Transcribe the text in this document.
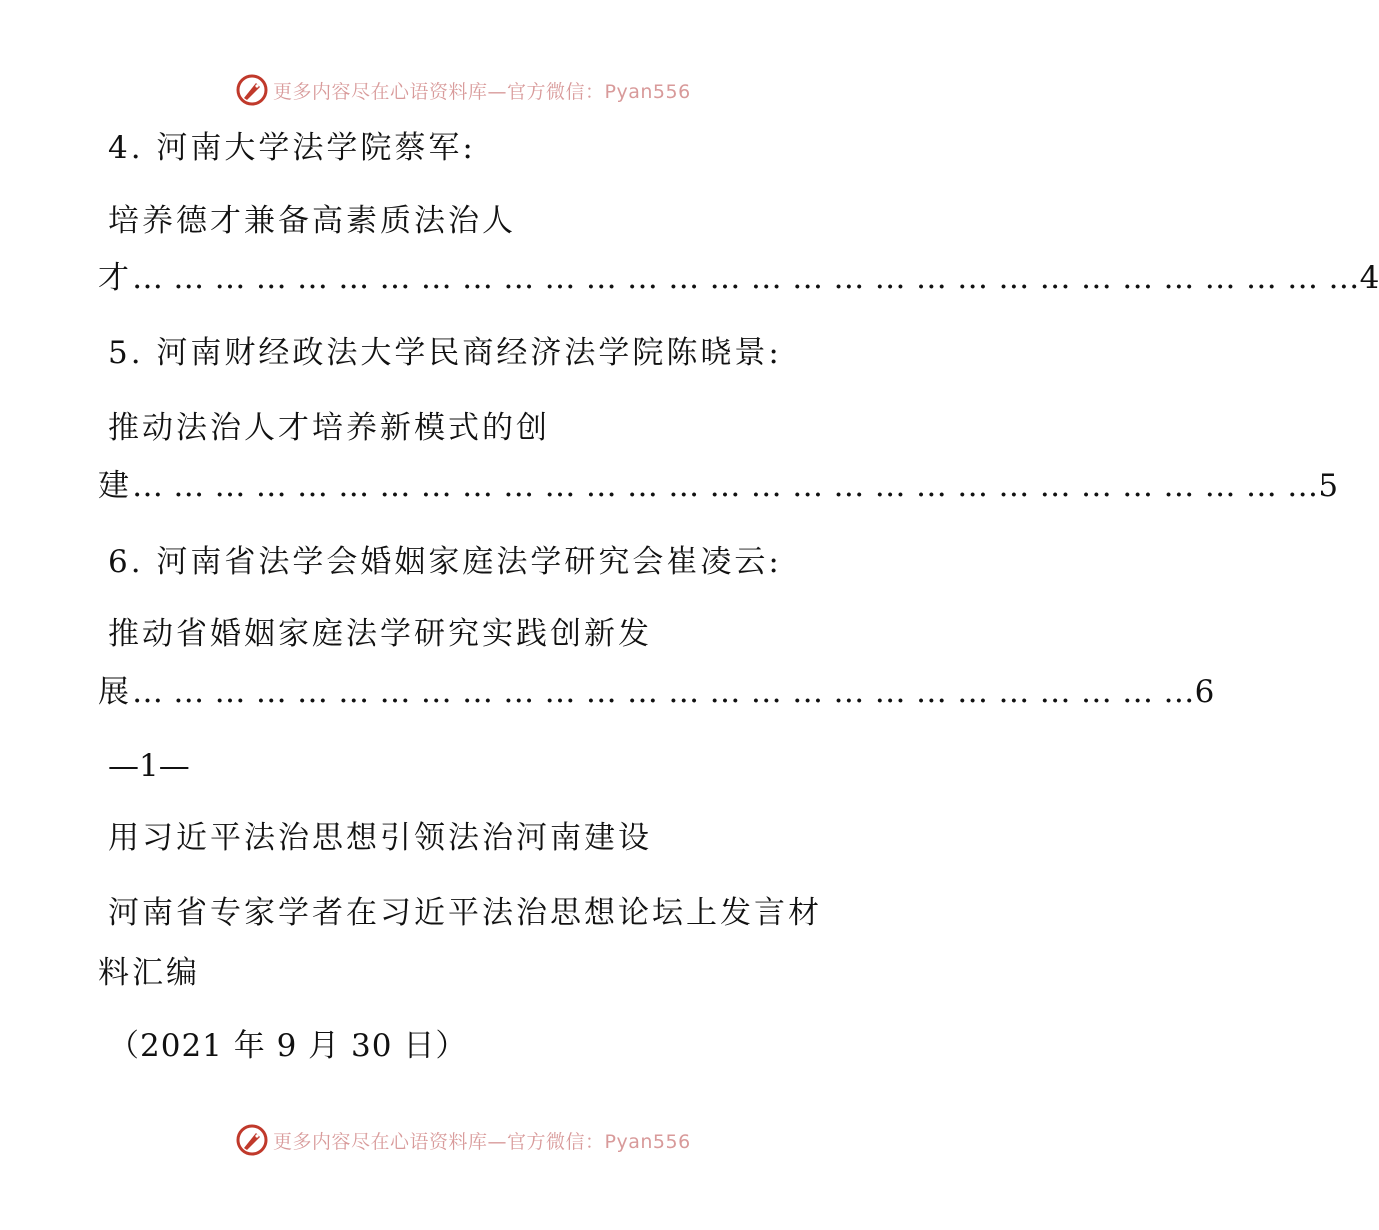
更多内容尽在心语资料库—官方微信：Pyan556
4. 河南大学法学院蔡军:
培养德才兼备高素质法治人
才… … … … … … … … … … … … … … … … … … … … … … … … … … … … … …4
5. 河南财经政法大学民商经济法学院陈晓景:
推动法治人才培养新模式的创
建… … … … … … … … … … … … … … … … … … … … … … … … … … … … …5
6. 河南省法学会婚姻家庭法学研究会崔凌云:
推动省婚姻家庭法学研究实践创新发
展… … … … … … … … … … … … … … … … … … … … … … … … … …6
—1—
用习近平法治思想引领法治河南建设
河南省专家学者在习近平法治思想论坛上发言材
料汇编
（2021 年 9 月 30 日）
更多内容尽在心语资料库—官方微信：Pyan556
